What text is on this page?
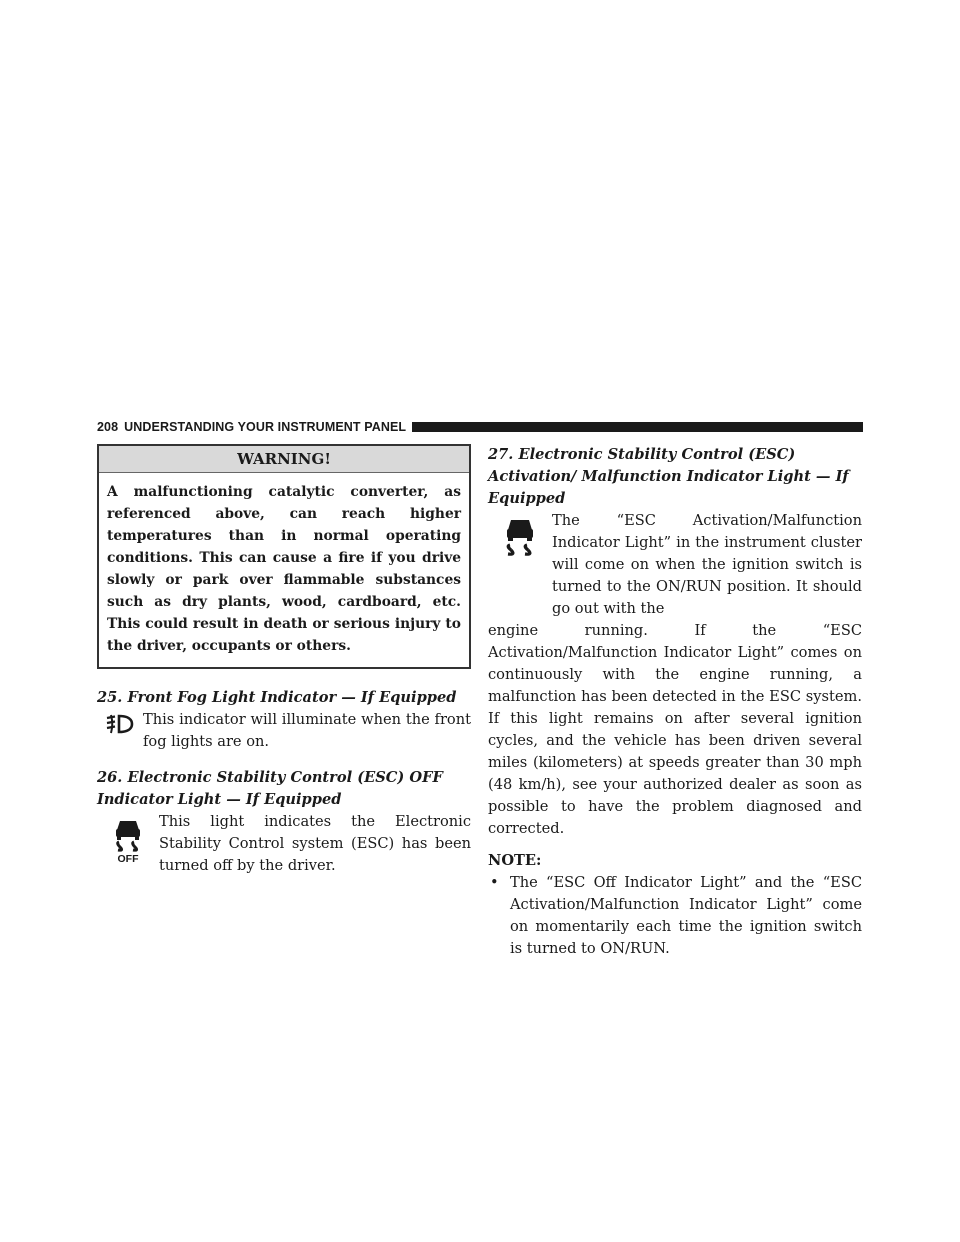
208 UNDERSTANDING YOUR INSTRUMENT PANEL
WARNING!
A malfunctioning catalytic converter, as referenced above, can reach higher temperatures than in normal operating conditions. This can cause a fire if you drive slowly or park over flammable substances such as dry plants, wood, cardboard, etc. This could result in death or serious injury to the driver, occupants or others.
25. Front Fog Light Indicator — If Equipped

This indicator will illuminate when the front fog lights are on.

26. Electronic Stability Control (ESC) OFF Indicator Light — If Equipped
OFF

This light indicates the Electronic Stability Control system (ESC) has been turned off by the driver.

27. Electronic Stability Control (ESC) Activation/ Malfunction Indicator Light — If Equipped

The “ESC Activation/Malfunction Indicator Light” in the instrument cluster will come on when the ignition switch is turned to the ON/RUN position. It should go out with the

engine running. If the “ESC Activation/Malfunction Indicator Light” comes on continuously with the engine running, a malfunction has been detected in the ESC system. If this light remains on after several ignition cycles, and the vehicle has been driven several miles (kilometers) at speeds greater than 30 mph (48 km/h), see your authorized dealer as soon as possible to have the problem diagnosed and corrected.

NOTE:
• The “ESC Off Indicator Light” and the “ESC Activation/Malfunction Indicator Light” come on momentarily each time the ignition switch is turned to ON/RUN.
